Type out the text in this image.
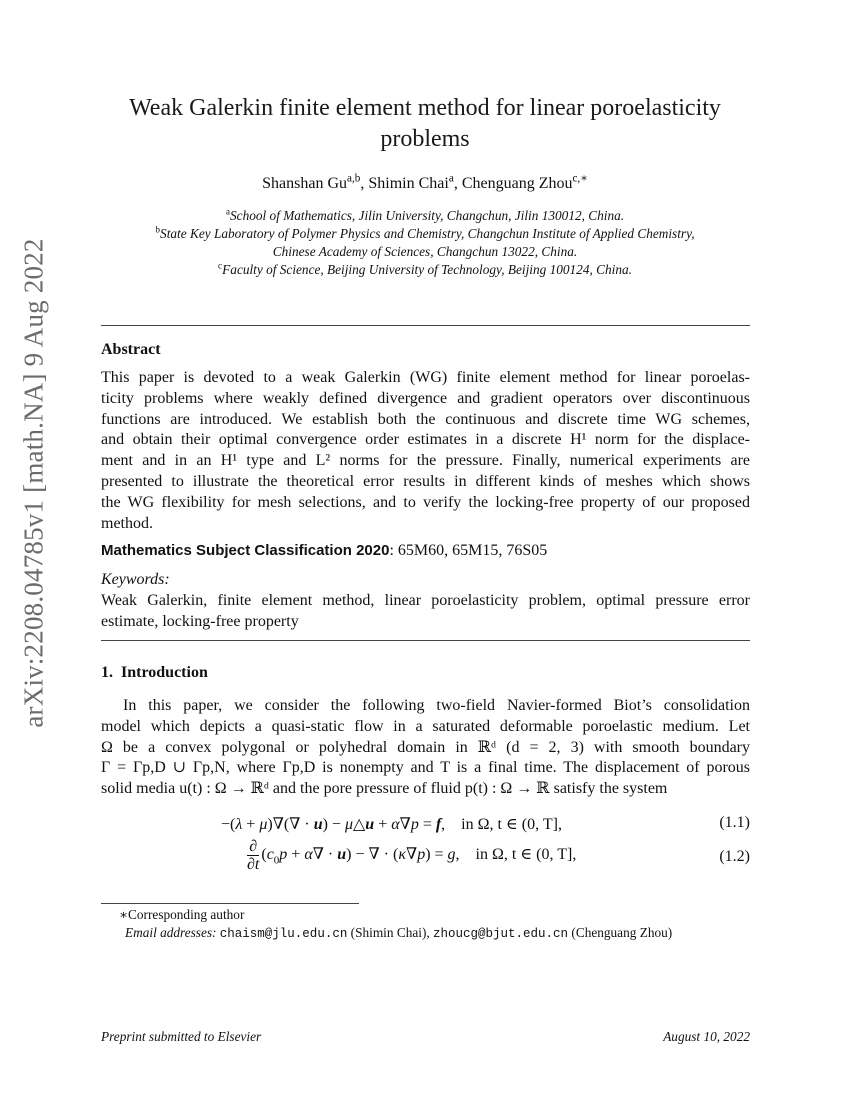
arXiv:2208.04785v1 [math.NA] 9 Aug 2022
Weak Galerkin finite element method for linear poroelasticity
problems
Shanshan Gu$^{a,b}$, Shimin Chai$^a$, Chenguang Zhou$^{c,∗}$
$^a$School of Mathematics, Jilin University, Changchun, Jilin 130012, China.
$^b$State Key Laboratory of Polymer Physics and Chemistry, Changchun Institute of Applied Chemistry,
Chinese Academy of Sciences, Changchun 13022, China.
$^c$Faculty of Science, Beijing University of Technology, Beijing 100124, China.
Abstract
This paper is devoted to a weak Galerkin (WG) finite element method for linear poroelas-
ticity problems where weakly defined divergence and gradient operators over discontinuous
functions are introduced. We establish both the continuous and discrete time WG schemes,
and obtain their optimal convergence order estimates in a discrete H¹ norm for the displace-
ment and in an H¹ type and L² norms for the pressure. Finally, numerical experiments are
presented to illustrate the theoretical error results in different kinds of meshes which shows
the WG flexibility for mesh selections, and to verify the locking-free property of our proposed
method.
Mathematics Subject Classification 2020: 65M60, 65M15, 76S05
Keywords:
Weak Galerkin, finite element method, linear poroelasticity problem, optimal pressure error
estimate, locking-free property
1. Introduction
In this paper, we consider the following two-field Navier-formed Biot’s consolidation
model which depicts a quasi-static flow in a saturated deformable poroelastic medium. Let
Ω be a convex polygonal or polyhedral domain in ℝᵈ (d = 2, 3) with smooth boundary
Γ = Γp,D ∪ Γp,N, where Γp,D is nonempty and T is a final time. The displacement of porous
solid media u(t) : Ω → ℝᵈ and the pore pressure of fluid p(t) : Ω → ℝ satisfy the system
−(λ + μ)∇(∇ · u) − μ△u + α∇p = f,    in Ω, t ∈ (0, T],	(1.1)
$\frac{\partial}{\partial t} (c_0p + \alpha\nabla \cdot u)$ − ∇ · (κ∇p) = g,    in Ω, t ∈ (0, T],	(1.2)
∗Corresponding author
Email addresses: chaism@jlu.edu.cn (Shimin Chai), zhoucg@bjut.edu.cn (Chenguang Zhou)
Preprint submitted to Elsevier	August 10, 2022
